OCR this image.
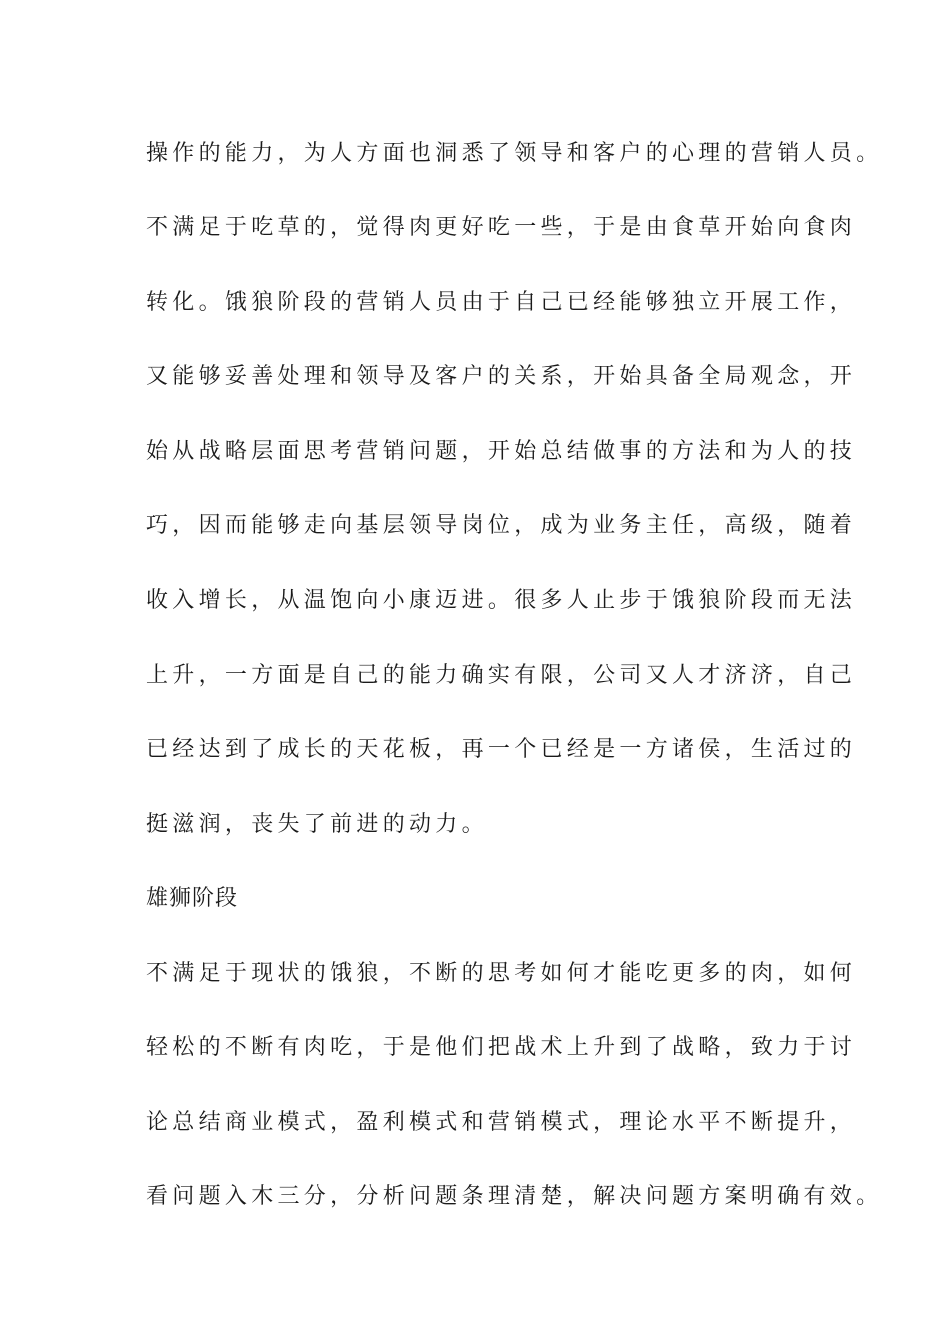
操作的能力，为人方面也洞悉了领导和客户的心理的营销人员。
不满足于吃草的，觉得肉更好吃一些，于是由食草开始向食肉
转化。饿狼阶段的营销人员由于自己已经能够独立开展工作，
又能够妥善处理和领导及客户的关系，开始具备全局观念，开
始从战略层面思考营销问题，开始总结做事的方法和为人的技
巧，因而能够走向基层领导岗位，成为业务主任，高级，随着
收入增长，从温饱向小康迈进。很多人止步于饿狼阶段而无法
上升，一方面是自己的能力确实有限，公司又人才济济，自己
已经达到了成长的天花板，再一个已经是一方诸侯，生活过的
挺滋润，丧失了前进的动力。
雄狮阶段
不满足于现状的饿狼，不断的思考如何才能吃更多的肉，如何
轻松的不断有肉吃，于是他们把战术上升到了战略，致力于讨
论总结商业模式，盈利模式和营销模式，理论水平不断提升，
看问题入木三分，分析问题条理清楚，解决问题方案明确有效。
